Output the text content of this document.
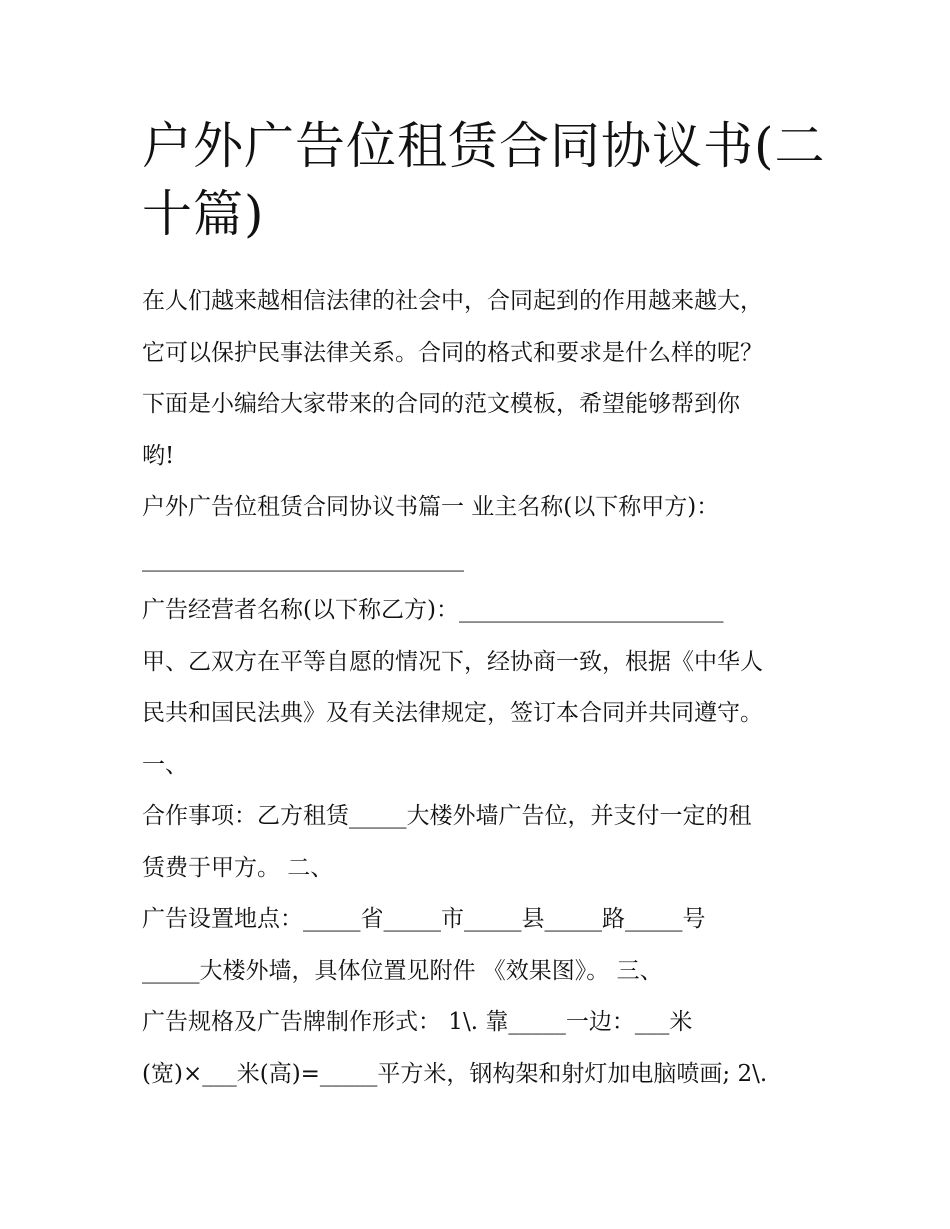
户外广告位租赁合同协议书(二
十篇)

在人们越来越相信法律的社会中，合同起到的作用越来越大，

它可以保护民事法律关系。合同的格式和要求是什么样的呢？

下面是小编给大家带来的合同的范文模板，希望能够帮到你

哟!

户外广告位租赁合同协议书篇一 业主名称(以下称甲方)：

____________________________

广告经营者名称(以下称乙方)：_______________________

甲、乙双方在平等自愿的情况下，经协商一致，根据《中华人

民共和国民法典》及有关法律规定，签订本合同并共同遵守。

一、

合作事项：乙方租赁_____大楼外墙广告位，并支付一定的租

赁费于甲方。 二、

广告设置地点：_____省_____市_____县_____路_____号

_____大楼外墙，具体位置见附件 《效果图》。 三、

广告规格及广告牌制作形式： 1\. 靠_____一边：___米

(宽)×___米(高)=_____平方米，钢构架和射灯加电脑喷画; 2\.
